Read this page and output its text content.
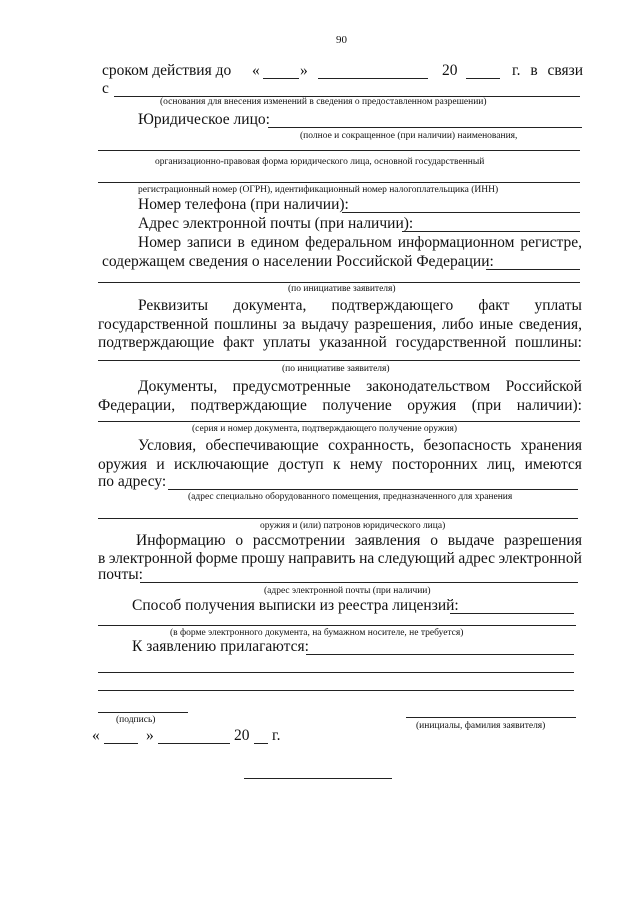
90
сроком действия до «	»	20	г. в связи
с
(основания для внесения изменений в сведения о предоставленном разрешении)
Юридическое лицо:
(полное и сокращенное (при наличии) наименования,
организационно-правовая форма юридического лица, основной государственный
регистрационный номер (ОГРН), идентификационный номер налогоплательщика (ИНН)
Номер телефона (при наличии):
Адрес электронной почты (при наличии):
Номер записи в едином федеральном информационном регистре,
содержащем сведения о населении Российской Федерации:
(по инициативе заявителя)
Реквизиты документа, подтверждающего факт уплаты
государственной пошлины за выдачу разрешения, либо иные сведения,
подтверждающие факт уплаты указанной государственной пошлины:
(по инициативе заявителя)
Документы, предусмотренные законодательством Российской
Федерации, подтверждающие получение оружия (при наличии):
(серия и номер документа, подтверждающего получение оружия)
Условия, обеспечивающие сохранность, безопасность хранения
оружия и исключающие доступ к нему посторонних лиц, имеются
по адресу:
(адрес специально оборудованного помещения, предназначенного для хранения
оружия и (или) патронов юридического лица)
Информацию о рассмотрении заявления о выдаче разрешения
в электронной форме прошу направить на следующий адрес электронной
почты:
(адрес электронной почты (при наличии)
Способ получения выписки из реестра лицензий:
(в форме электронного документа, на бумажном носителе, не требуется)
К заявлению прилагаются:
(подпись)
(инициалы, фамилия заявителя)
«	»	20 г.
